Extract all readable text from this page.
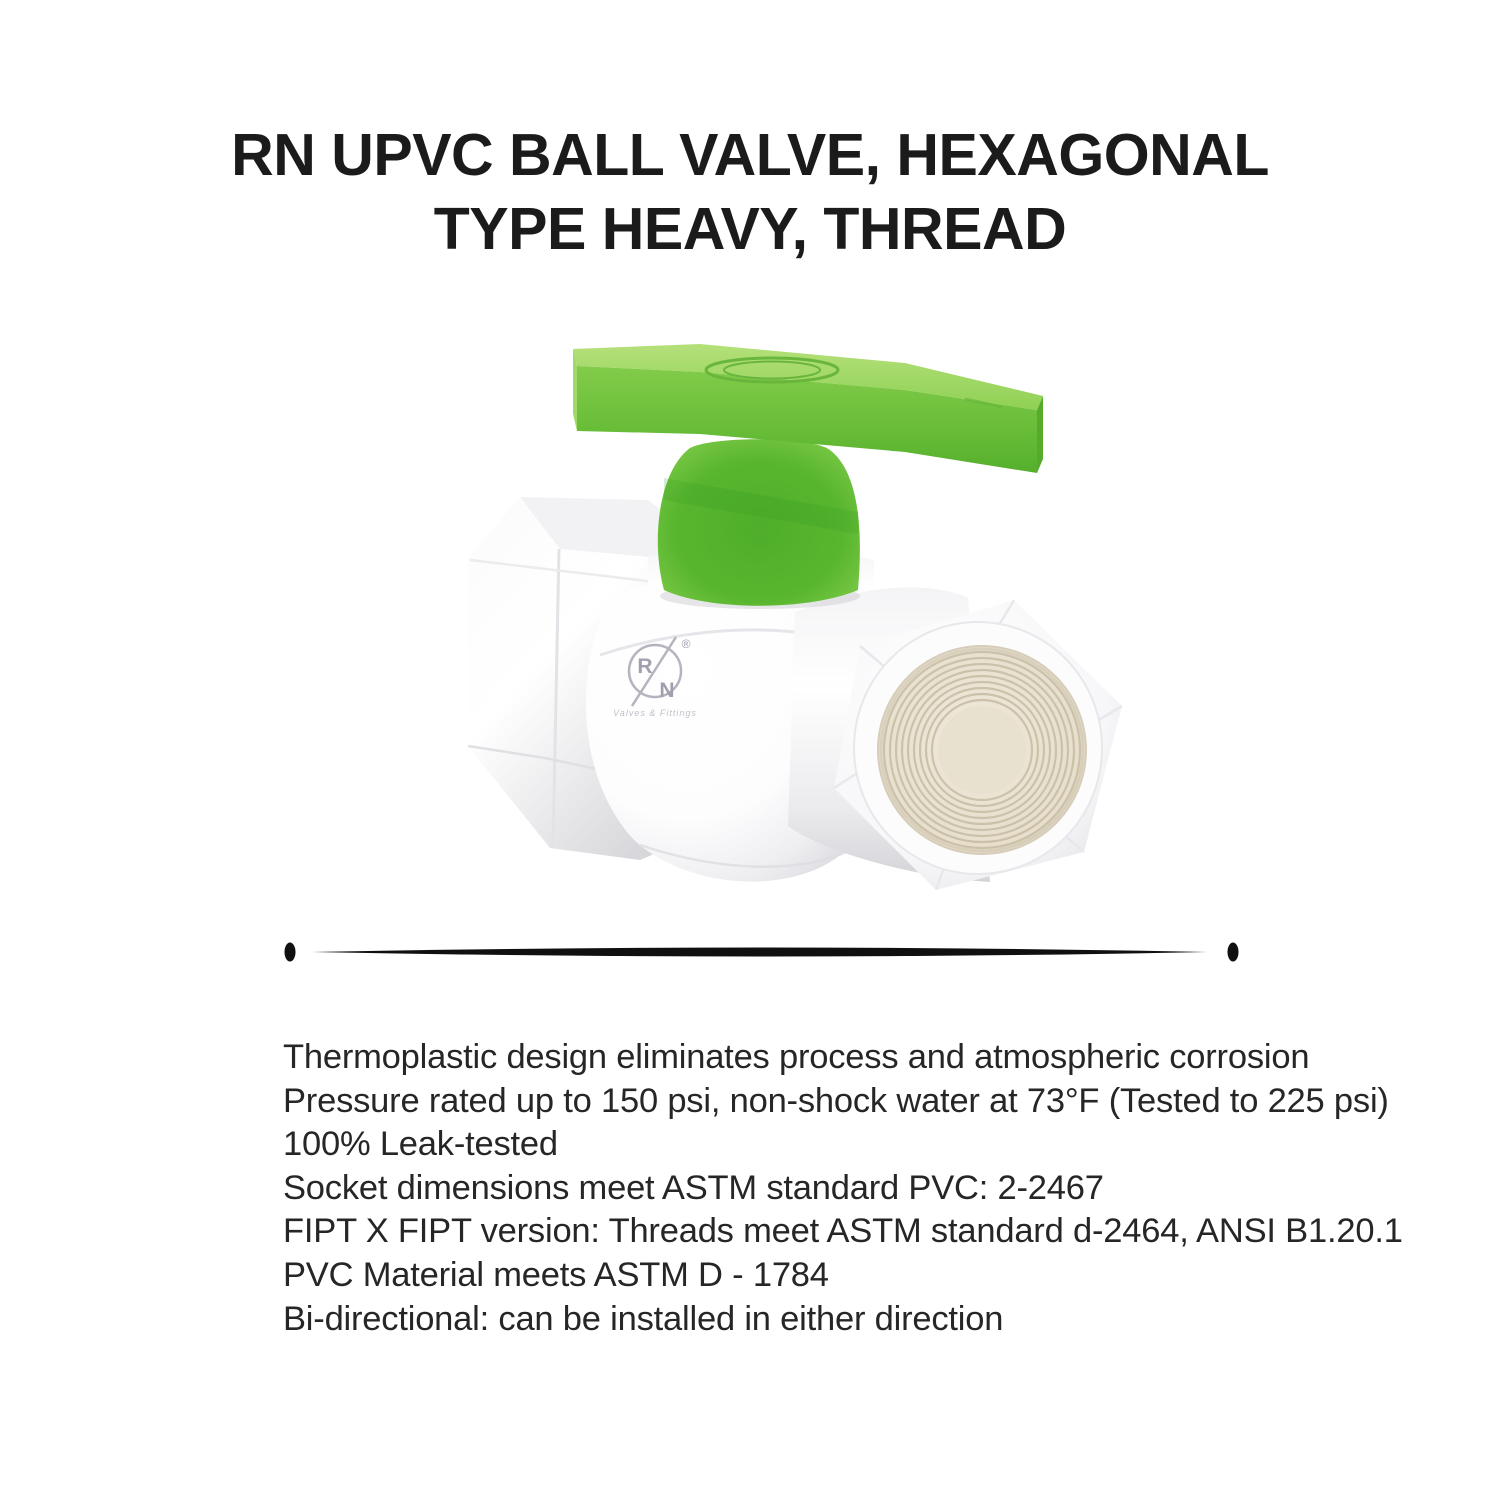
RN UPVC BALL VALVE, HEXAGONAL
TYPE HEAVY, THREAD
R
N
®
Valves & Fittings
Thermoplastic design eliminates process and atmospheric corrosion
Pressure rated up to 150 psi, non-shock water at 73°F (Tested to 225 psi)
100% Leak-tested
Socket dimensions meet ASTM standard PVC: 2-2467
FIPT X FIPT version: Threads meet ASTM standard d-2464, ANSI B1.20.1
PVC Material meets ASTM D - 1784
Bi-directional: can be installed in either direction
